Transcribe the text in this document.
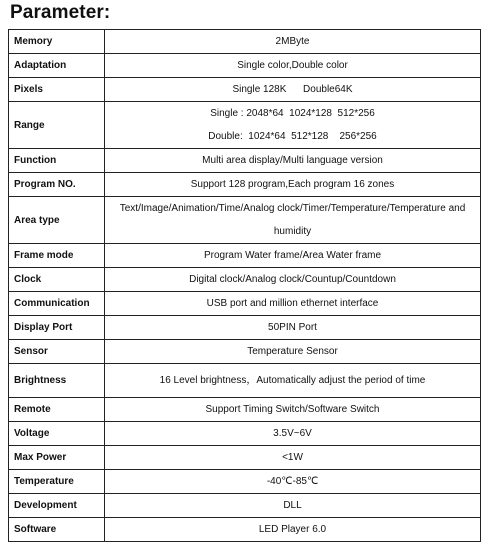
Parameter:
Memory	2MByte
Adaptation	Single color,Double color
Pixels	Single 128K      Double64K
Range	Single : 2048*64  1024*128  512*256
Double:  1024*64  512*128    256*256

Function	Multi area display/Multi language version
Program NO.	Support 128 program,Each program 16 zones
Area type	Text/Image/Animation/Time/Analog clock/Timer/Temperature/Temperature and
humidity

Frame mode	Program Water frame/Area Water frame
Clock	Digital clock/Analog clock/Countup/Countdown
Communication	USB port and million ethernet interface
Display Port	50PIN Port
Sensor	Temperature Sensor
Brightness	16 Level brightness，Automatically adjust the period of time
Remote	Support Timing Switch/Software Switch
Voltage	3.5V~6V
Max Power	<1W
Temperature	-40℃-85℃
Development	DLL
Software	LED Player 6.0
